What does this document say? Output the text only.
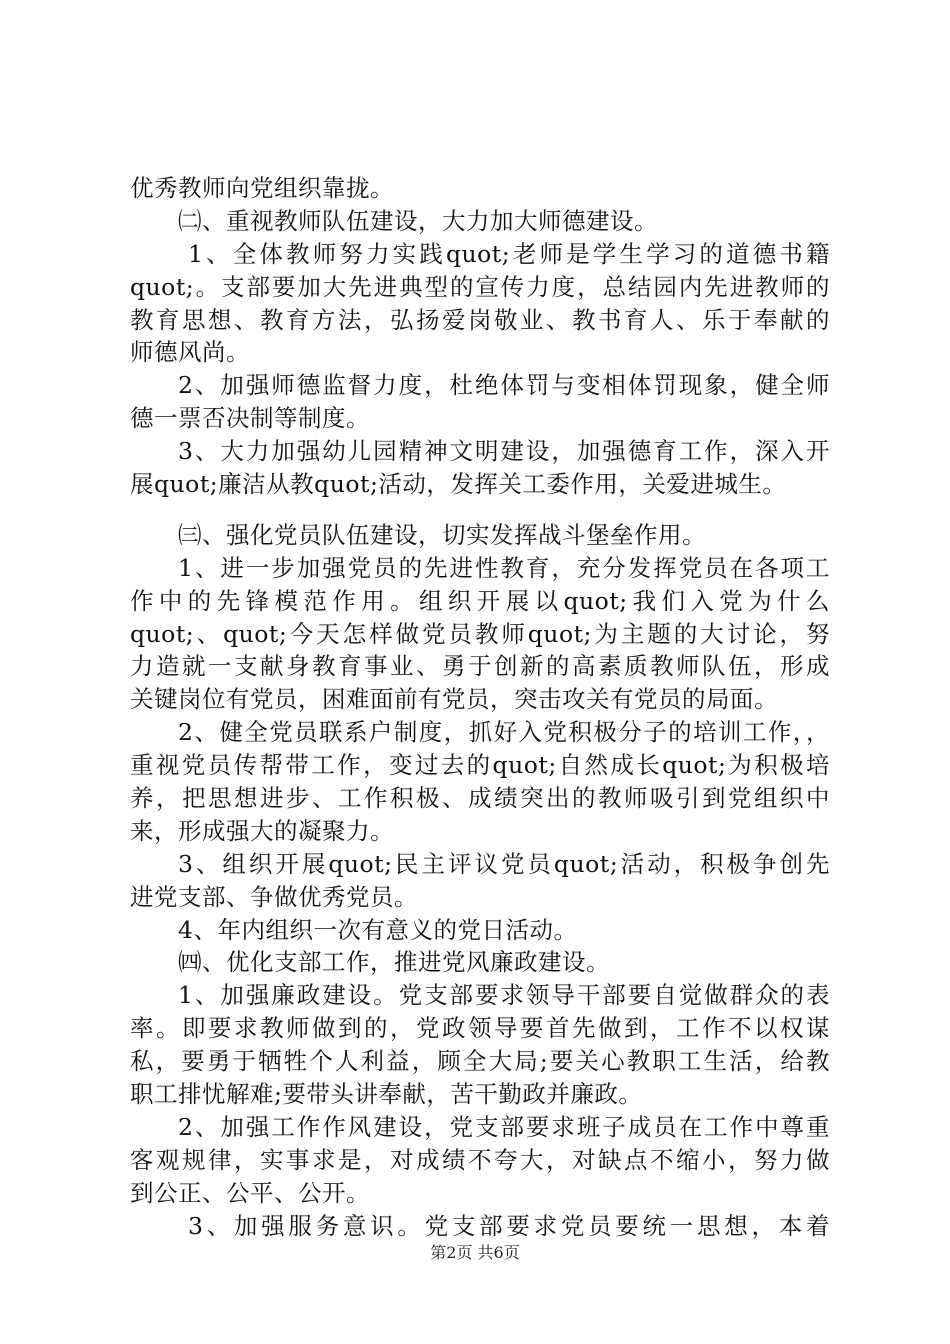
优秀教师向党组织靠拢。
㈡、重视教师队伍建设，大力加大师德建设。
1、全体教师努力实践quot;老师是学生学习的道德书籍
quot;。支部要加大先进典型的宣传力度，总结园内先进教师的
教育思想、教育方法，弘扬爱岗敬业、教书育人、乐于奉献的
师德风尚。
2、加强师德监督力度，杜绝体罚与变相体罚现象，健全师
德一票否决制等制度。
3、大力加强幼儿园精神文明建设，加强德育工作，深入开
展quot;廉洁从教quot;活动，发挥关工委作用，关爱进城生。
㈢、强化党员队伍建设，切实发挥战斗堡垒作用。
1、进一步加强党员的先进性教育，充分发挥党员在各项工
作中的先锋模范作用。组织开展以quot;我们入党为什么
quot;、quot;今天怎样做党员教师quot;为主题的大讨论，努
力造就一支献身教育事业、勇于创新的高素质教师队伍，形成
关键岗位有党员，困难面前有党员，突击攻关有党员的局面。
2、健全党员联系户制度，抓好入党积极分子的培训工作，，
重视党员传帮带工作，变过去的quot;自然成长quot;为积极培
养，把思想进步、工作积极、成绩突出的教师吸引到党组织中
来，形成强大的凝聚力。
3、组织开展quot;民主评议党员quot;活动，积极争创先
进党支部、争做优秀党员。
4、年内组织一次有意义的党日活动。
㈣、优化支部工作，推进党风廉政建设。
1、加强廉政建设。党支部要求领导干部要自觉做群众的表
率。即要求教师做到的，党政领导要首先做到，工作不以权谋
私，要勇于牺牲个人利益，顾全大局;要关心教职工生活，给教
职工排忧解难;要带头讲奉献，苦干勤政并廉政。
2、加强工作作风建设，党支部要求班子成员在工作中尊重
客观规律，实事求是，对成绩不夸大，对缺点不缩小，努力做
到公正、公平、公开。
3、加强服务意识。党支部要求党员要统一思想，本着
第2页 共6页
